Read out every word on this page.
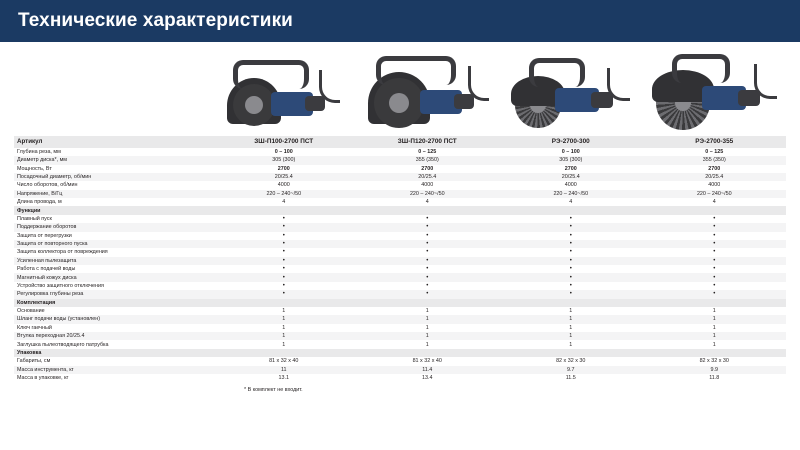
Технические характеристики
Артикул	ЗШ-П100-2700 ПСТ	ЗШ-П120-2700 ПСТ	РЭ-2700-300	РЭ-2700-355
Глубина реза, мм	0 – 100	0 – 125	0 – 100	0 – 125
Диаметр диска*, мм	305 (300)	355 (350)	305 (300)	355 (350)
Мощность, Вт	2700	2700	2700	2700
Посадочный диаметр, об/мин	20/25.4	20/25.4	20/25.4	20/25.4
Число оборотов, об/мин	4000	4000	4000	4000
Напряжение, В/Гц	220 – 240~/50	220 – 240~/50	220 – 240~/50	220 – 240~/50
Длина провода, м	4	4	4	4
Функции				
Плавный пуск	•	•	•	•
Поддержание оборотов	•	•	•	•
Защита от перегрузки	•	•	•	•
Защита от повторного пуска	•	•	•	•
Защита коллектора от повреждения	•	•	•	•
Усиленная пылезащита	•	•	•	•
Работа с подачей воды	•	•	•	•
Магнитный кожух диска	•	•	•	•
Устройство защитного отключения	•	•	•	•
Регулировка глубины реза	•	•	•	•
Комплектация				
Основание	1	1	1	1
Шланг подачи воды (установлен)	1	1	1	1
Ключ гаечный	1	1	1	1
Втулка переходная 20/25.4	1	1	1	1
Заглушка пылеотводящего патрубка	1	1	1	1
Упаковка				
Габариты, см	81 х 32 х 40	81 х 32 х 40	82 х 32 х 30	82 х 32 х 30
Масса инструмента, кг	11	11.4	9.7	9.9
Масса в упаковке, кг	13.1	13.4	11.5	11.8
* В комплект не входит.
